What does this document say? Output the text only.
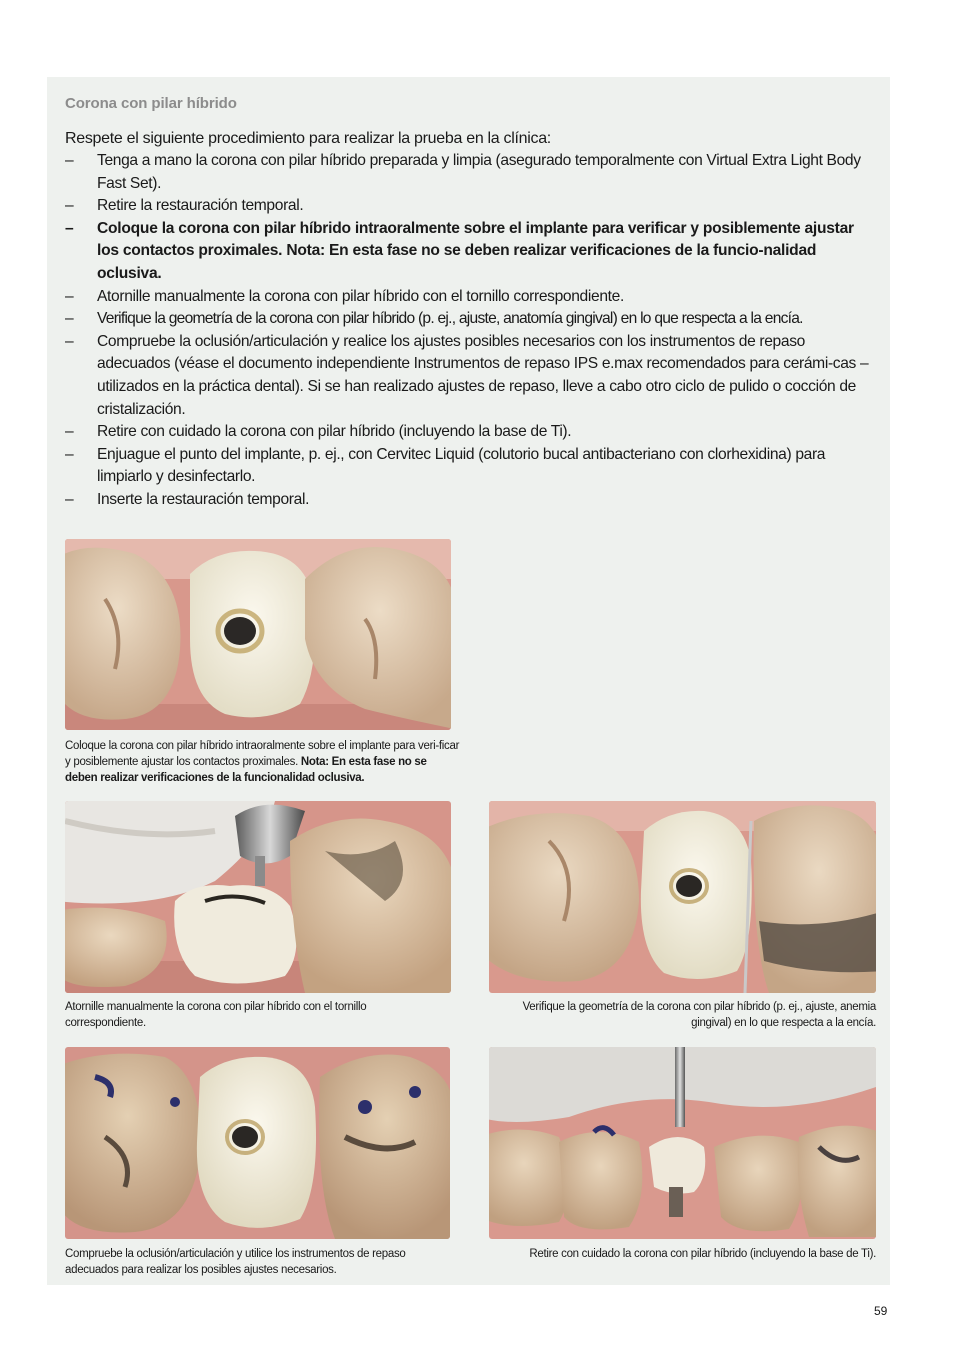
Corona con pilar híbrido
Respete el siguiente procedimiento para realizar la prueba en la clínica:
– Tenga a mano la corona con pilar híbrido preparada y limpia (asegurado temporalmente con Virtual Extra Light Body Fast Set).
– Retire la restauración temporal.
– Coloque la corona con pilar híbrido intraoralmente sobre el implante para verificar y posiblemente ajustar los contactos proximales. Nota: En esta fase no se deben realizar verificaciones de la funcio-nalidad oclusiva.
– Atornille manualmente la corona con pilar híbrido con el tornillo correspondiente.
– Verifique la geometría de la corona con pilar híbrido (p. ej., ajuste, anatomía gingival) en lo que respecta a la encía.
– Compruebe la oclusión/articulación y realice los ajustes posibles necesarios con los instrumentos de repaso adecuados (véase el documento independiente Instrumentos de repaso IPS e.max recomendados para cerámi-cas – utilizados en la práctica dental). Si se han realizado ajustes de repaso, lleve a cabo otro ciclo de pulido o cocción de cristalización.
– Retire con cuidado la corona con pilar híbrido (incluyendo la base de Ti).
– Enjuague el punto del implante, p. ej., con Cervitec Liquid (colutorio bucal antibacteriano con clorhexidina) para limpiarlo y desinfectarlo.
– Inserte la restauración temporal.
Coloque la corona con pilar híbrido intraoralmente sobre el implante para veri-ficar y posiblemente ajustar los contactos proximales. Nota: En esta fase no se deben realizar verificaciones de la funcionalidad oclusiva.
Atornille manualmente la corona con pilar híbrido con el tornillo correspondiente.
Verifique la geometría de la corona con pilar híbrido (p. ej., ajuste, anemia gingival) en lo que respecta a la encía.
Compruebe la oclusión/articulación y utilice los instrumentos de repaso adecuados para realizar los posibles ajustes necesarios.
Retire con cuidado la corona con pilar híbrido (incluyendo la base de Ti).
59
